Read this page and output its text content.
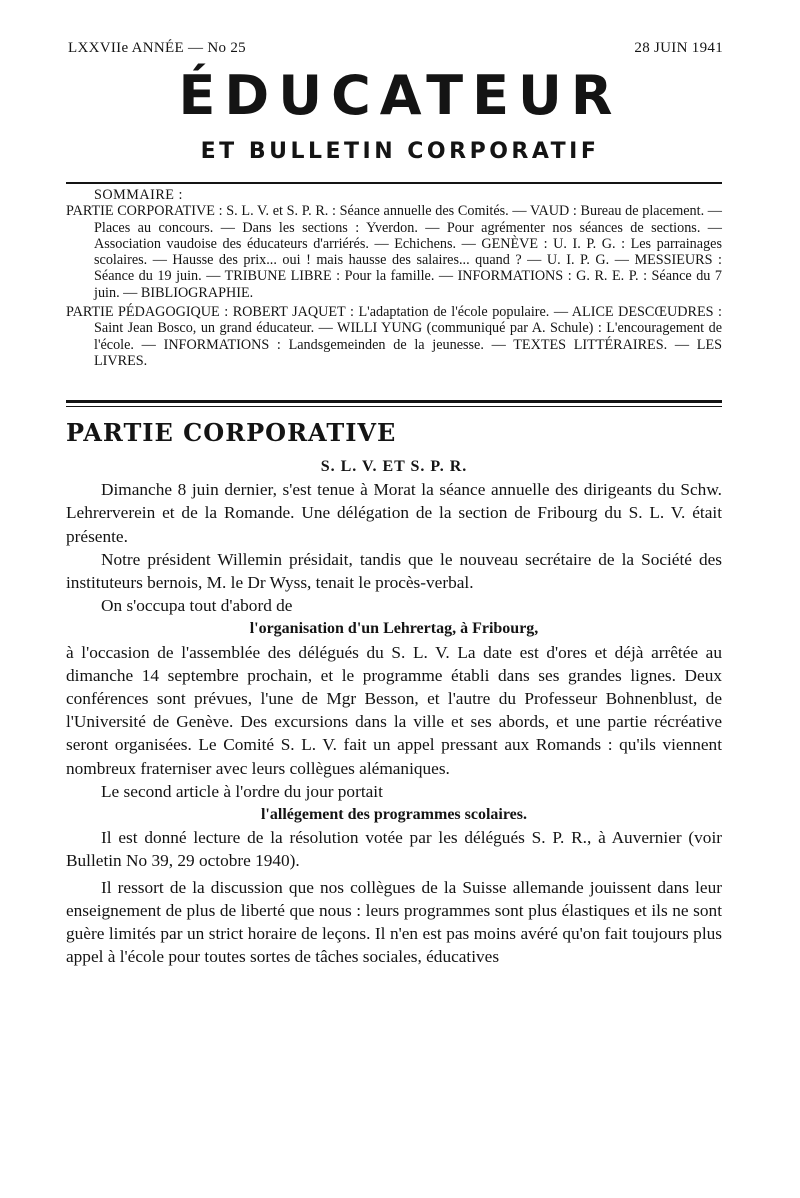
LXXVIIe ANNÉE — No 25	28 JUIN 1941
ÉDUCATEUR
ET BULLETIN CORPORATIF
SOMMAIRE :

PARTIE CORPORATIVE : S. L. V. et S. P. R. : Séance annuelle des Comités. — VAUD : Bureau de placement. — Places au concours. — Dans les sections : Yverdon. — Pour agrémenter nos séances de sections. — Association vaudoise des éducateurs d'arriérés. — Echichens. — GENÈVE : U. I. P. G. : Les parrainages scolaires. — Hausse des prix... oui ! mais hausse des salaires... quand ? — U. I. P. G. — MESSIEURS : Séance du 19 juin. — TRIBUNE LIBRE : Pour la famille. — INFORMATIONS : G. R. E. P. : Séance du 7 juin. — BIBLIOGRAPHIE.

PARTIE PÉDAGOGIQUE : ROBERT JAQUET : L'adaptation de l'école populaire. — ALICE DESCŒUDRES : Saint Jean Bosco, un grand éducateur. — WILLI YUNG (communiqué par A. Schule) : L'encouragement de l'école. — INFORMATIONS : Landsgemeinden de la jeunesse. — TEXTES LITTÉRAIRES. — LES LIVRES.

PARTIE CORPORATIVE

S. L. V. ET S. P. R.

Dimanche 8 juin dernier, s'est tenue à Morat la séance annuelle des dirigeants du Schw. Lehrerverein et de la Romande. Une délégation de la section de Fribourg du S. L. V. était présente.

Notre président Willemin présidait, tandis que le nouveau secrétaire de la Société des instituteurs bernois, M. le Dr Wyss, tenait le procès-verbal.

On s'occupa tout d'abord de

l'organisation d'un Lehrertag, à Fribourg,

à l'occasion de l'assemblée des délégués du S. L. V. La date est d'ores et déjà arrêtée au dimanche 14 septembre prochain, et le programme établi dans ses grandes lignes. Deux conférences sont prévues, l'une de Mgr Besson, et l'autre du Professeur Bohnenblust, de l'Université de Genève. Des excursions dans la ville et ses abords, et une partie récréative seront organisées. Le Comité S. L. V. fait un appel pressant aux Romands : qu'ils viennent nombreux fraterniser avec leurs collègues alémaniques.

Le second article à l'ordre du jour portait

l'allégement des programmes scolaires.

Il est donné lecture de la résolution votée par les délégués S. P. R., à Auvernier (voir Bulletin No 39, 29 octobre 1940).

Il ressort de la discussion que nos collègues de la Suisse allemande jouissent dans leur enseignement de plus de liberté que nous : leurs programmes sont plus élastiques et ils ne sont guère limités par un strict horaire de leçons. Il n'en est pas moins avéré qu'on fait toujours plus appel à l'école pour toutes sortes de tâches sociales, éducatives
